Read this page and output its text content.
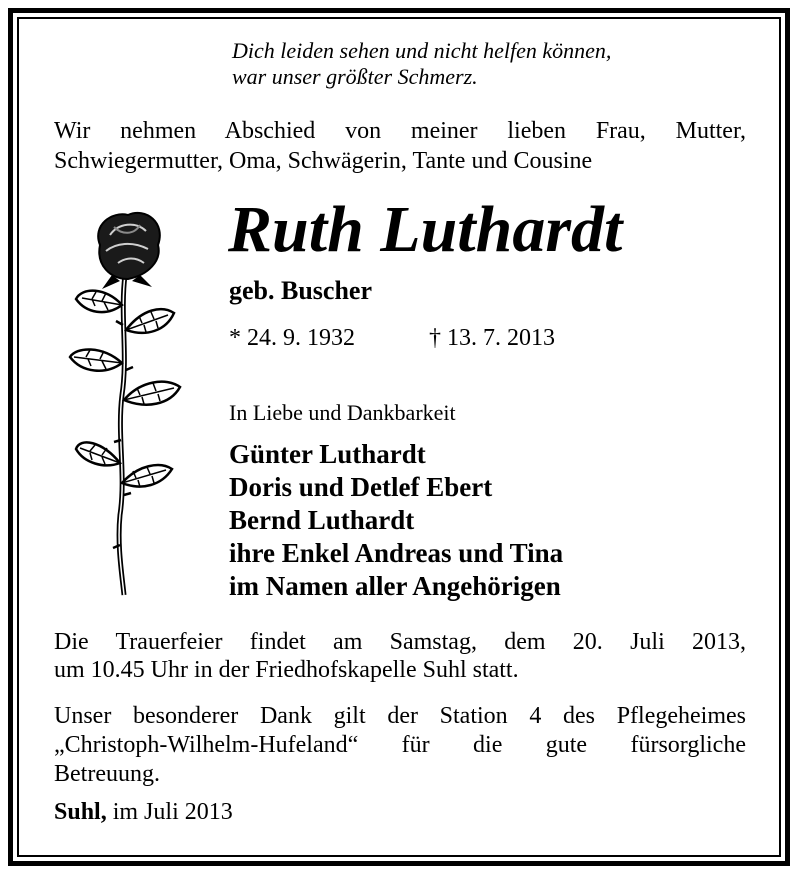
Dich leiden sehen und nicht helfen können,
war unser größter Schmerz.
Wir nehmen Abschied von meiner lieben Frau, Mutter,
Schwiegermutter, Oma, Schwägerin, Tante und Cousine
Ruth Luthardt
geb. Buscher
* 24. 9. 1932	† 13. 7. 2013
In Liebe und Dankbarkeit
Günter Luthardt
Doris und Detlef Ebert
Bernd Luthardt
ihre Enkel Andreas und Tina
im Namen aller Angehörigen
Die Trauerfeier findet am Samstag, dem 20. Juli 2013,
um 10.45 Uhr in der Friedhofskapelle Suhl statt.
Unser besonderer Dank gilt der Station 4 des Pflegeheimes
„Christoph-Wilhelm-Hufeland“ für die gute fürsorgliche
Betreuung.
Suhl, im Juli 2013
